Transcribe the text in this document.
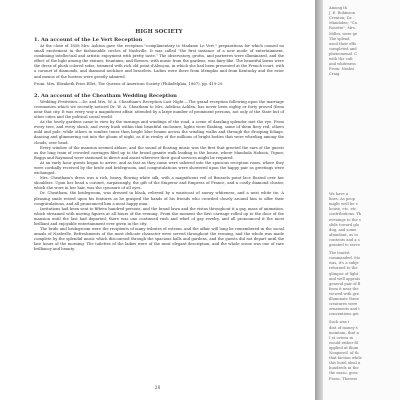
HIGH SOCIETY
1. An account of the Le Vert Reception

At the close of 1858 Mrs. Ashton gave the reception "complimentary to Madame Le Vert," preparations for which caused no small excitement in the fashionable circles of Nashville. It was called "the first instance of a new mode of entertainment, combining intellectual and artistic enjoyment with pretty taste." The observatory, grotto, and parterres were illuminated, and the effect of the light among the statues, fountains, and flowers, with music from the gardens, was fairy-like. The beautiful lawns were the dress of plush colored sofas, trimmed with rich old point d'Alençon, in which she had been presented at the French court, with a coronet of diamonds, and diamond necklace and bracelets. Ladies were there from Memphis and from Kentucky and the ester and menus of the hostess were greatly admired.

From: Mrs. Elizabeth Fries Ellet, The Queens of American Society (Philadelphia, 1867), pp. 419-20.

2. An account of the Cheatham Wedding Reception

Wedding Festivities.—Dr. and Mrs. W. A. Cheatham's Reception Last Night.—The grand reception following upon the marriage ceremonies which we recently noticed Dr. W. A. Cheatham to Mrs. Adelicia Acklen, has never been eighty or forty proved (from near that city. It was every way a magnificent affair, attended by a large number of prominent persons, not only of the State but of other cities and the political social world.

As the lovely gardens came to view by the turnings and windings of the road, a scene of dazzling splendor met the eye. From every tree, and every shrub, and every bush within that beautiful enclosure, lights were flashing, some of them fiery red, others mild and pale, while others in sombre tones then bright blue beams across the winding walks and through the drooping foliage, dancing and glimmering out into the gloom of night, as if in rivalry of the millions of bright bodies that were wheeling among the clouds, over head.

Every window of the mansion seemed ablaze, and the sound of floating music was the first that greeted the ears of the guests as the long train of crowded carriages filed up to the broad granite walk leading to the house, where Mandada Hobson, Tignor, Boggs and Raymond were stationed to direct and assist wherever their good services might be required.

At an early hour guests began to arrive, and as fast as they came were ushered into the spacious reception room, where they were cordially received by the bride and bridegroom, and congratulations were showered upon the happy pair as greetings were exchanged.

Mrs. Cheatham's dress was a rich, heavy, flowing white silk, with a magnificent veil of Brussels point lace floated over her shoulders. Upon her head a coronet, surpassingly, the gift of the Emperor and Empress of France, and a costly diamond cluster, which she wore in her hair, was the cynosure of all eyes.

Dr. Cheatham, the bridegroom, was dressed in black, relieved by a waistcoat of snowy whiteness, and a neat white tie. A pleasing smile rested upon his features as he grasped the hands of his friends who crowded closely around him to offer their congratulations, and all pronounced him a most happy man.

Invitations had been sent to fifteen hundred persons, and the broad lawn and the vistas throughout it a gay, mass of animation, which streamed with moving figures at all hours of the evening. From the moment the first carriage rolled up to the door of the mansion until the last had departed, there was one continued rush and whirl of gay revelry, and all pronounced it the most brilliant and enjoyable entertainment ever given in the city.

The bride and bridegroom were the recipients of many tributes of esteem, and the affair will long be remembered in the social annals of Nashville. Refreshments of the most delicate character were served throughout the evening, and the whole was made complete by the splendid music which discoursed through the spacious halls and gardens, and the guests did not depart until the late hours of the morning. The toilettes of the ladies were of the most elegant description, and the whole scene was one of rare brilliancy and beauty.

28
Among th
J. E. Robinson
Crenton; Dr.
Mandolen; "Ca
Rosette"; Mrs.
Miller, were ge
The splend
used their effo
completed and
phenomenal. C
with the cult
and whiteness
From: Nashvi
Craig.
We have a
lines. As peop
might well be e
house, etc. etc.
contributions. Th
evenings to the s
slide toward glo
dug, and some
abundant, as to
contents and a s
granted to serve
The tourist
commanded. Mo
was, it's a subje
returned to the
glimpse of light
and well apprais
general pair of fl
from it near the
viewed with gre
illuminate these
creatures were
ornaments and t
conventions got
Such was i
dint of money's
maintain, that n
I et cetera m
would rather fil
applied at ilium
Nonpareil. of th
that faction while
this hotel ideal u
hundreds in the
the seaso. goes
Franc. Therese
